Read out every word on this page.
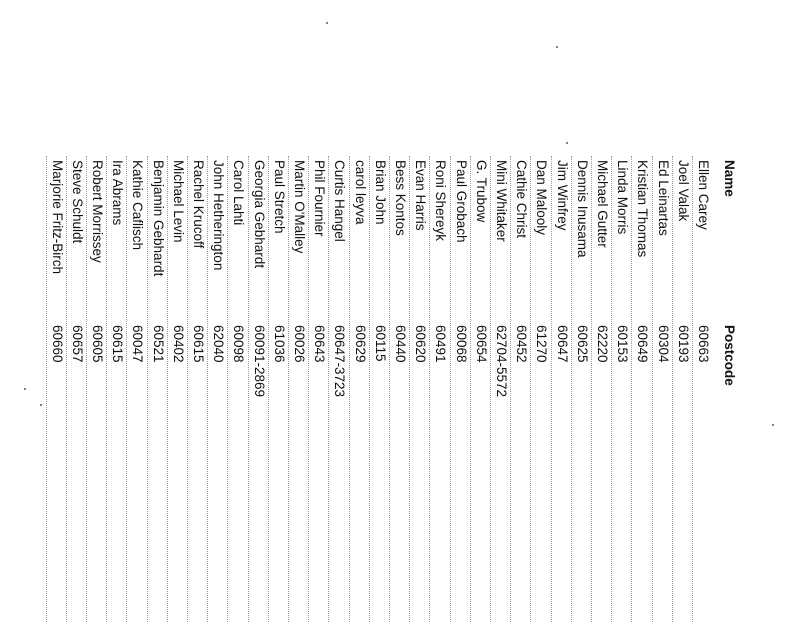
Name
Postcode
Ellen Carey
60663
Joel Valak
60193
Ed Leinartas
60304
Kristian Thomas
60649
Linda Morris
60153
Michael Gutter
62220
Dennis Inusama
60625
Jim Winfrey
60647
Dan Malooly
61270
Cathie Christ
60452
Mini Whitaker
62704-5572
G. Trubow
60654
Paul Grobach
60068
Roni Shereyk
60491
Evan Harris
60620
Bess Kontos
60440
Brian John
60115
carol leyva
60629
Curtis Hangel
60647-3723
Phil Fournier
60643
Martin O'Malley
60026
Paul Stretch
61036
Georgia Gebhardt
60091-2869
Carol Lahti
60098
John Hetherington
62040
Rachel Krucoff
60615
Michael Levin
60402
Benjamin Gebhardt
60521
Kathie Caflisch
60047
Ira Abrams
60615
Robert Morrissey
60605
Steve Schuldt
60657
Marjorie Fritz-Birch
60660
